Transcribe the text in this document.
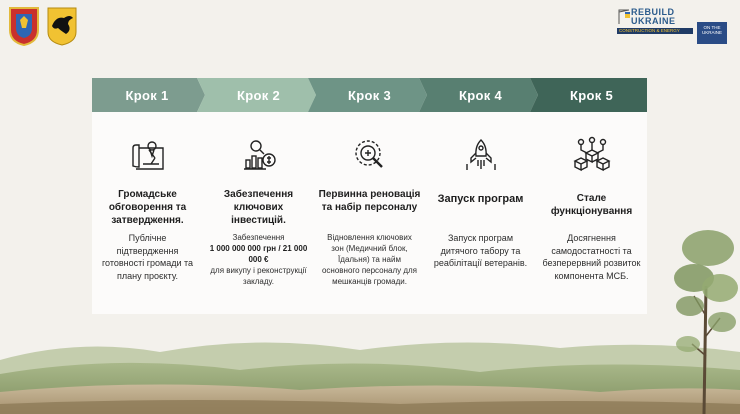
REBUILD
UKRAINE
CONSTRUCTION & ENERGY
ON THE UKRAINE
Крок 1	Крок 2	Крок 3	Крок 4	Крок 5
Громадське обговорення та затвердження.
Публічне підтвердження готовності громади та плану проєкту.
Забезпечення ключових інвестицій.
Забезпечення
1 000 000 000 грн / 21 000 000 €
для викупу і реконструкції закладу.
Первинна реновація та набір персоналу
Відновлення ключових зон (Медичний блок, Їдальня) та найм основного персоналу для мешканців громади.
Запуск програм
Запуск програм дитячого табору та реабілітації ветеранів.
Стале функціонування
Досягнення самодостатності та безперервний розвиток компонента МСБ.
